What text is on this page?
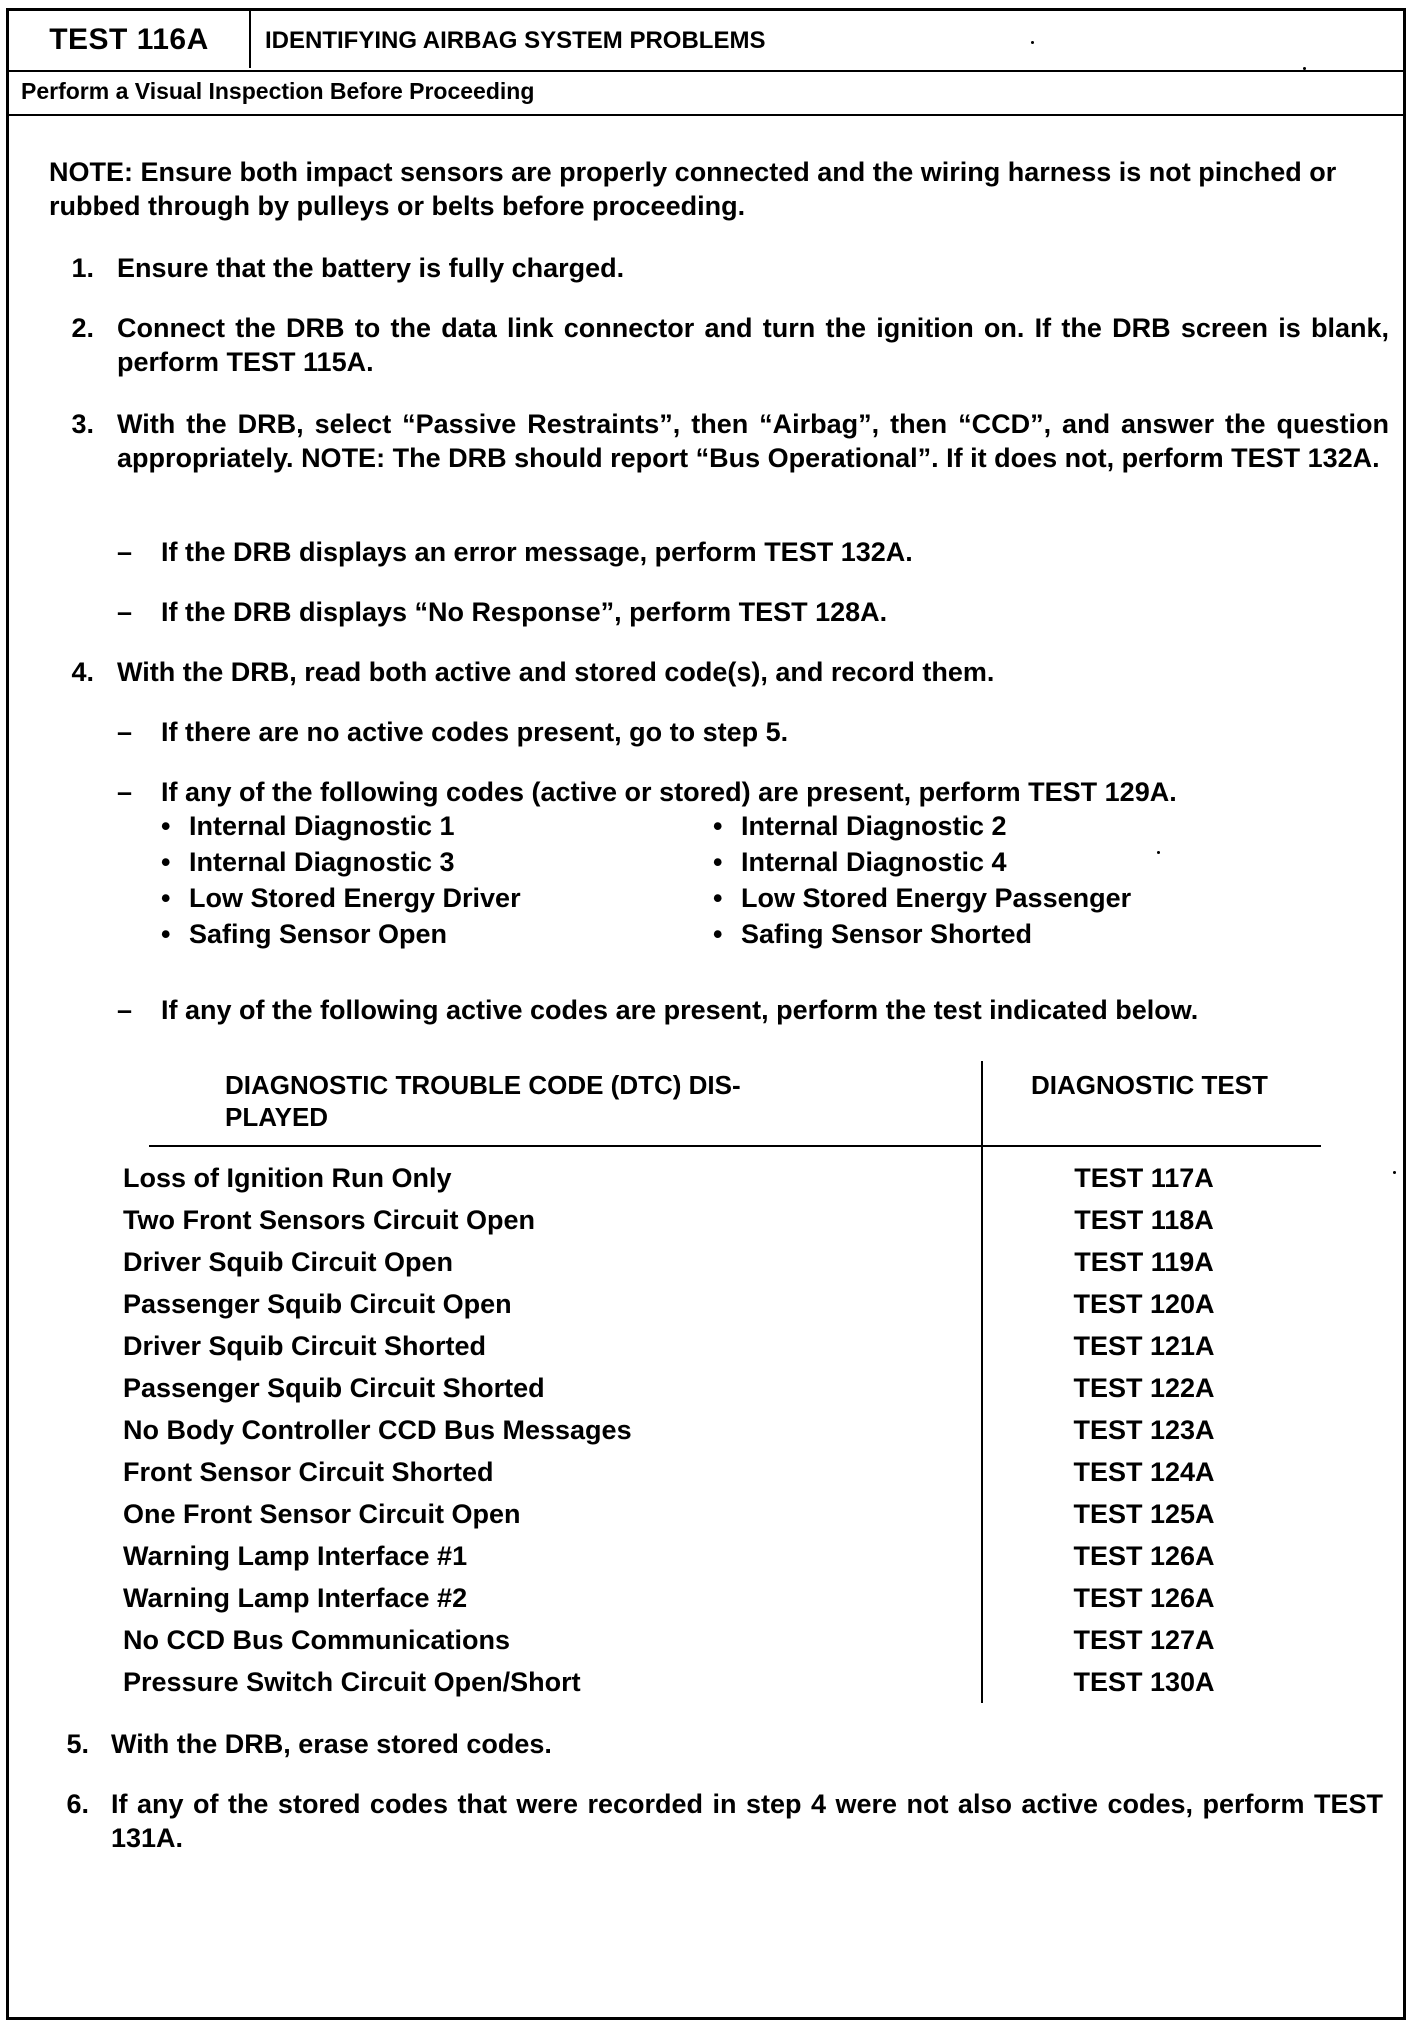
TEST 116A	IDENTIFYING AIRBAG SYSTEM PROBLEMS
Perform a Visual Inspection Before Proceeding
NOTE: Ensure both impact sensors are properly connected and the wiring harness is not pinched or rubbed through by pulleys or belts before proceeding.
1. Ensure that the battery is fully charged.
2. Connect the DRB to the data link connector and turn the ignition on. If the DRB screen is blank, perform TEST 115A.
3. With the DRB, select “Passive Restraints”, then “Airbag”, then “CCD”, and answer the question appropriately. NOTE: The DRB should report “Bus Operational”. If it does not, perform TEST 132A.
– If the DRB displays an error message, perform TEST 132A.
– If the DRB displays “No Response”, perform TEST 128A.
4. With the DRB, read both active and stored code(s), and record them.
– If there are no active codes present, go to step 5.
– If any of the following codes (active or stored) are present, perform TEST 129A.
• Internal Diagnostic 1
• Internal Diagnostic 3
• Low Stored Energy Driver
• Safing Sensor Open
• Internal Diagnostic 2
• Internal Diagnostic 4
• Low Stored Energy Passenger
• Safing Sensor Shorted
– If any of the following active codes are present, perform the test indicated below.
DIAGNOSTIC TROUBLE CODE (DTC) DIS-
PLAYED
DIAGNOSTIC TEST
Loss of Ignition Run Only	TEST 117A
Two Front Sensors Circuit Open	TEST 118A
Driver Squib Circuit Open	TEST 119A
Passenger Squib Circuit Open	TEST 120A
Driver Squib Circuit Shorted	TEST 121A
Passenger Squib Circuit Shorted	TEST 122A
No Body Controller CCD Bus Messages	TEST 123A
Front Sensor Circuit Shorted	TEST 124A
One Front Sensor Circuit Open	TEST 125A
Warning Lamp Interface #1	TEST 126A
Warning Lamp Interface #2	TEST 126A
No CCD Bus Communications	TEST 127A
Pressure Switch Circuit Open/Short	TEST 130A
5. With the DRB, erase stored codes.
6. If any of the stored codes that were recorded in step 4 were not also active codes, perform TEST 131A.
